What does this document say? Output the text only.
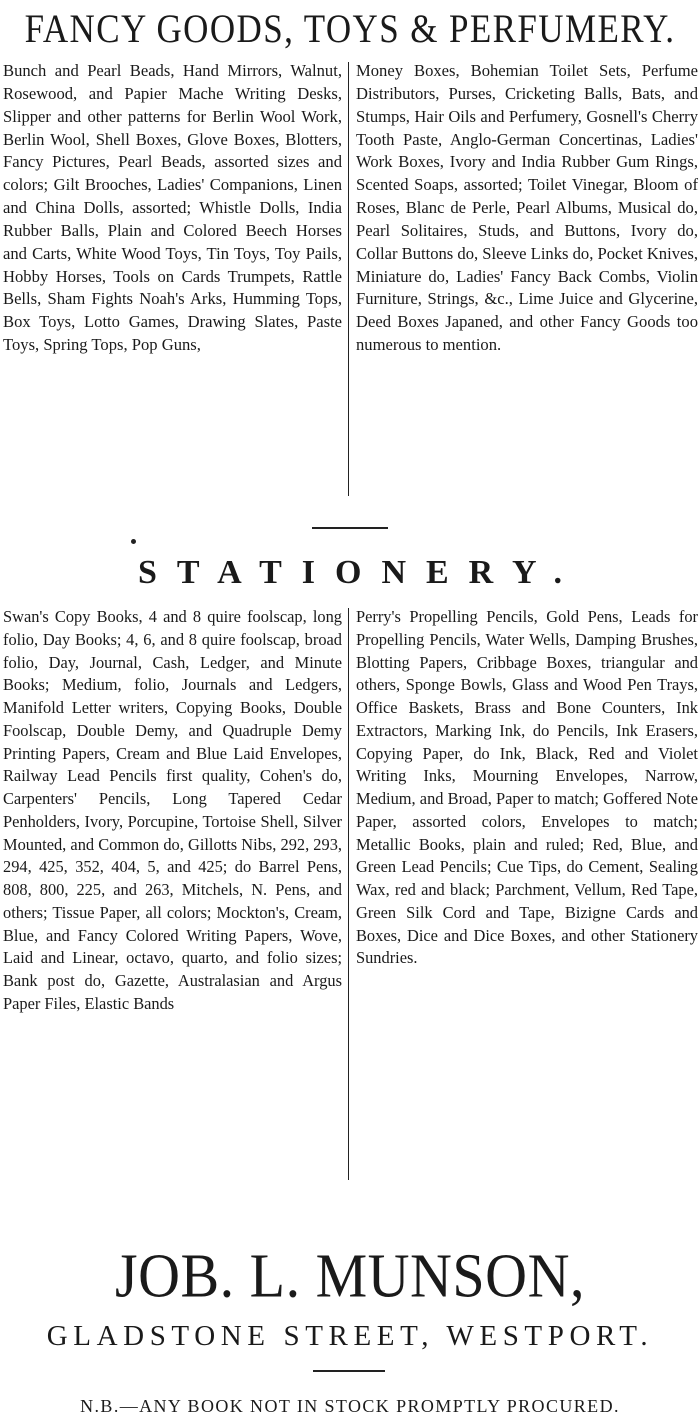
FANCY GOODS, TOYS & PERFUMERY.
Bunch and Pearl Beads, Hand Mirrors, Walnut, Rosewood, and Papier Mache Writing Desks, Slipper and other patterns for Berlin Wool Work, Berlin Wool, Shell Boxes, Glove Boxes, Blotters, Fancy Pictures, Pearl Beads, assorted sizes and colors; Gilt Brooches, Ladies' Companions, Linen and China Dolls, assorted; Whistle Dolls, India Rubber Balls, Plain and Colored Beech Horses and Carts, White Wood Toys, Tin Toys, Toy Pails, Hobby Horses, Tools on Cards Trumpets, Rattle Bells, Sham Fights Noah's Arks, Humming Tops, Box Toys, Lotto Games, Drawing Slates, Paste Toys, Spring Tops, Pop Guns,
Money Boxes, Bohemian Toilet Sets, Perfume Distributors, Purses, Cricketing Balls, Bats, and Stumps, Hair Oils and Perfumery, Gosnell's Cherry Tooth Paste, Anglo-German Concertinas, Ladies' Work Boxes, Ivory and India Rubber Gum Rings, Scented Soaps, assorted; Toilet Vinegar, Bloom of Roses, Blanc de Perle, Pearl Albums, Musical do, Pearl Solitaires, Studs, and Buttons, Ivory do, Collar Buttons do, Sleeve Links do, Pocket Knives, Miniature do, Ladies' Fancy Back Combs, Violin Furniture, Strings, &c., Lime Juice and Glycerine, Deed Boxes Japaned, and other Fancy Goods too numerous to mention.
STATIONERY.
Swan's Copy Books, 4 and 8 quire foolscap, long folio, Day Books; 4, 6, and 8 quire foolscap, broad folio, Day, Journal, Cash, Ledger, and Minute Books; Medium, folio, Journals and Ledgers, Manifold Letter writers, Copying Books, Double Foolscap, Double Demy, and Quadruple Demy Printing Papers, Cream and Blue Laid Envelopes, Railway Lead Pencils first quality, Cohen's do, Carpenters' Pencils, Long Tapered Cedar Penholders, Ivory, Porcupine, Tortoise Shell, Silver Mounted, and Common do, Gillotts Nibs, 292, 293, 294, 425, 352, 404, 5, and 425; do Barrel Pens, 808, 800, 225, and 263, Mitchels, N. Pens, and others; Tissue Paper, all colors; Mockton's, Cream, Blue, and Fancy Colored Writing Papers, Wove, Laid and Linear, octavo, quarto, and folio sizes; Bank post do, Gazette, Australasian and Argus Paper Files, Elastic Bands
Perry's Propelling Pencils, Gold Pens, Leads for Propelling Pencils, Water Wells, Damping Brushes, Blotting Papers, Cribbage Boxes, triangular and others, Sponge Bowls, Glass and Wood Pen Trays, Office Baskets, Brass and Bone Counters, Ink Extractors, Marking Ink, do Pencils, Ink Erasers, Copying Paper, do Ink, Black, Red and Violet Writing Inks, Mourning Envelopes, Narrow, Medium, and Broad, Paper to match; Goffered Note Paper, assorted colors, Envelopes to match; Metallic Books, plain and ruled; Red, Blue, and Green Lead Pencils; Cue Tips, do Cement, Sealing Wax, red and black; Parchment, Vellum, Red Tape, Green Silk Cord and Tape, Bizigne Cards and Boxes, Dice and Dice Boxes, and other Stationery Sundries.
JOB. L. MUNSON,
GLADSTONE STREET, WESTPORT.
N.B.—ANY BOOK NOT IN STOCK PROMPTLY PROCURED.
